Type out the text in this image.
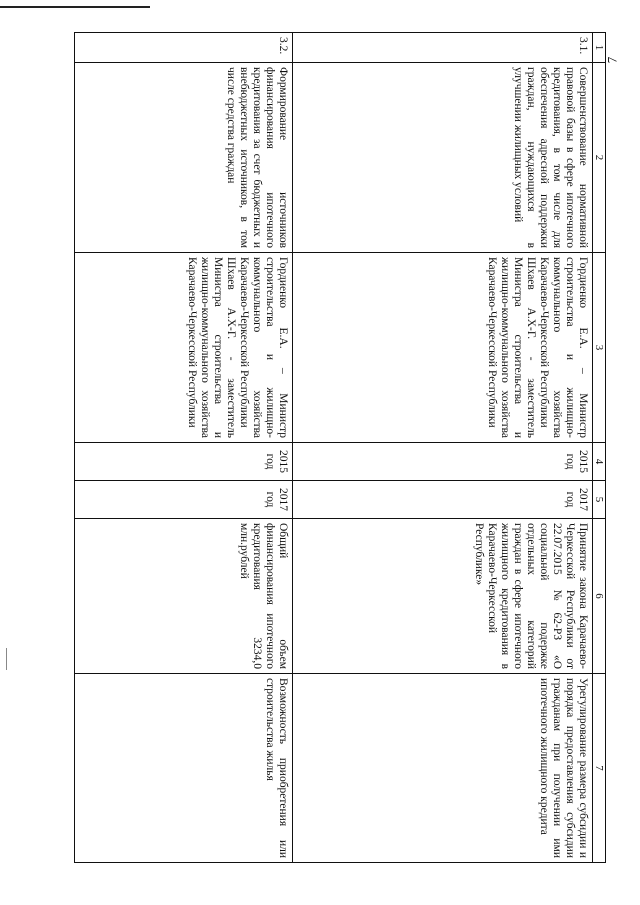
7
1	2	3	4	5	6	7
3.1.	Совершенствование нормативной правовой базы в сфере ипотечного кредитования, в том числе для обеспечения адресной поддержки граждан, нуждающихся в улучшении жилищных условий	Гордиенко Е.А. – Министр строительства и жилищно-коммунального хозяйства Карачаево-Черкесской Республики
Шхаев А.Х-Г. - заместитель Министра строительства и жилищно-коммунального хозяйства Карачаево-Черкесской Республики	2015 год	2017 год	Принятие закона Карачаево-Черкесской Республики от 22.07.2015 №62-РЗ «О социальной подержке отдельных категорий граждан в сфере ипотечного жилищного кредитования в Карачаево-Черкесской Республике»	Урегулирование размера субсидии и порядка предоставления субсидии гражданам при получении ими ипотечного жилищного кредита
3.2.	Формирование источников финансирования ипотечного кредитования за счет бюджетных и внебюджетных источников, в том числе средства граждан	Гордиенко Е.А. – Министр строительства и жилищно-коммунального хозяйства Карачаево-Черкесской Республики
Шхаев А.Х-Г. - заместитель Министра строительства и жилищно-коммунального хозяйства Карачаево-Черкесской Республики	2015 год	2017 год	Общий объем финансирования ипотечного кредитования 3234,0 млн.рублей	Возможность приобретения или строительства жилья
